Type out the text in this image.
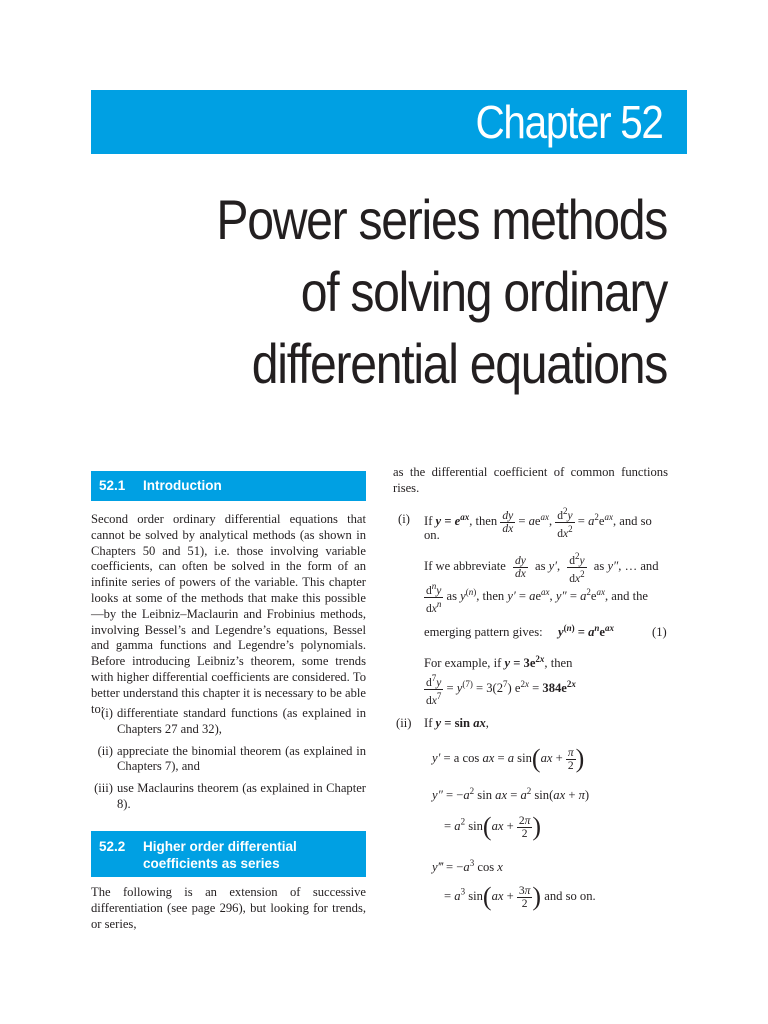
Chapter 52
Power series methods
of solving ordinary
differential equations
52.1 Introduction
Second order ordinary differential equations that cannot be solved by analytical methods (as shown in Chapters 50 and 51), i.e. those involving variable coefficients, can often be solved in the form of an infinite series of powers of the variable. This chapter looks at some of the methods that make this possible—by the Leibniz–Maclaurin and Frobinius methods, involving Bessel’s and Legendre’s equations, Bessel and gamma functions and Legendre’s polynomials. Before introducing Leibniz’s theorem, some trends with higher differential coefficients are considered. To better understand this chapter it is necessary to be able to:
(i) differentiate standard functions (as explained in Chapters 27 and 32),
(ii) appreciate the binomial theorem (as explained in Chapters 7), and
(iii) use Maclaurins theorem (as explained in Chapter 8).
52.2 Higher order differential
coefficients as series
The following is an extension of successive differentiation (see page 296), but looking for trends, or series,
as the differential coefficient of common functions rises.
(i) If $y = e^{ax}$, then $\frac{dy}{dx} = ae^{ax}$, $\frac{d^2y}{dx^2} = a^2e^{ax}$, and so
on.
If we abbreviate $\frac{dy}{dx}$ as y′, $\frac{d^2y}{dx^2}$ as y″, … and
$\frac{d^ny}{dx^n}$ as $y^{(n)}$, then $y' = ae^{ax}$, $y'' = a^2e^{ax}$, and the
emerging pattern gives: $y^{(n)} = a^ne^{ax}$	(1)
For example, if $y = 3e^{2x}$, then
$\frac{d^7y}{dx^7} = y^{(7)} = 3(2^7) e^{2x} = 384e^{2x}$
(ii) If y = sin ax,
y′ = a cos ax = a $\sin(ax + \frac{\pi}{2}$ )
$y'' = -a^2$ sin ax = $a^2$ sin(ax + π)
= $a^2$ $\sin(ax + \frac{2\pi}{2}$ )
y‴ = $-a^3$ cos x
= $a^3$ $\sin(ax + \frac{3\pi}{2}$ ) and so on.
